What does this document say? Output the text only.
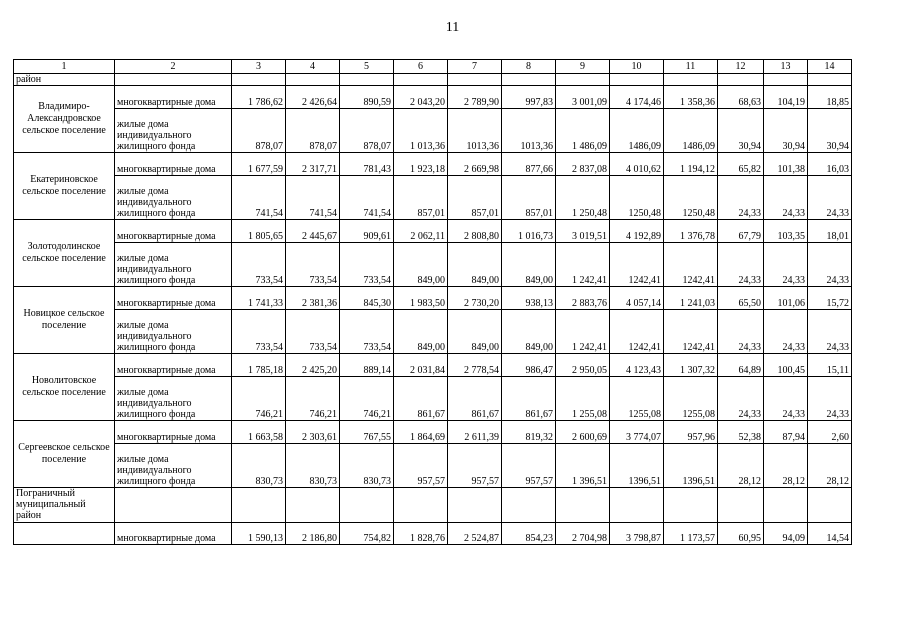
11
1	2	3	4	5	6	7	8	9	10	11	12	13	14
район													
Владимиро-Александровское сельское поселение	многоквартирные дома	1 786,62	2 426,64	890,59	2 043,20	2 789,90	997,83	3 001,09	4 174,46	1 358,36	68,63	104,19	18,85
	жилые дома индивидуального жилищного фонда	878,07	878,07	878,07	1 013,36	1013,36	1013,36	1 486,09	1486,09	1486,09	30,94	30,94	30,94
Екатериновское сельское поселение	многоквартирные дома	1 677,59	2 317,71	781,43	1 923,18	2 669,98	877,66	2 837,08	4 010,62	1 194,12	65,82	101,38	16,03
	жилые дома индивидуального жилищного фонда	741,54	741,54	741,54	857,01	857,01	857,01	1 250,48	1250,48	1250,48	24,33	24,33	24,33
Золотодолинское сельское поселение	многоквартирные дома	1 805,65	2 445,67	909,61	2 062,11	2 808,80	1 016,73	3 019,51	4 192,89	1 376,78	67,79	103,35	18,01
	жилые дома индивидуального жилищного фонда	733,54	733,54	733,54	849,00	849,00	849,00	1 242,41	1242,41	1242,41	24,33	24,33	24,33
Новицкое сельское поселение	многоквартирные дома	1 741,33	2 381,36	845,30	1 983,50	2 730,20	938,13	2 883,76	4 057,14	1 241,03	65,50	101,06	15,72
	жилые дома индивидуального жилищного фонда	733,54	733,54	733,54	849,00	849,00	849,00	1 242,41	1242,41	1242,41	24,33	24,33	24,33
Новолитовское сельское поселение	многоквартирные дома	1 785,18	2 425,20	889,14	2 031,84	2 778,54	986,47	2 950,05	4 123,43	1 307,32	64,89	100,45	15,11
	жилые дома индивидуального жилищного фонда	746,21	746,21	746,21	861,67	861,67	861,67	1 255,08	1255,08	1255,08	24,33	24,33	24,33
Сергеевское сельское поселение	многоквартирные дома	1 663,58	2 303,61	767,55	1 864,69	2 611,39	819,32	2 600,69	3 774,07	957,96	52,38	87,94	2,60
	жилые дома индивидуального жилищного фонда	830,73	830,73	830,73	957,57	957,57	957,57	1 396,51	1396,51	1396,51	28,12	28,12	28,12
Пограничный муниципальный район													
	многоквартирные дома	1 590,13	2 186,80	754,82	1 828,76	2 524,87	854,23	2 704,98	3 798,87	1 173,57	60,95	94,09	14,54
